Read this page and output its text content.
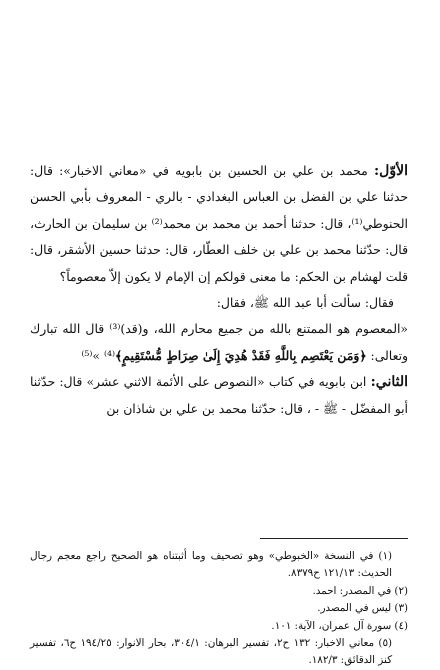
الأوّل: محمد بن علي بن الحسين بن بابويه في «معاني الاخبار»: قال: حدثنا علي بن الفضل بن العباس البغدادي - بالري - المعروف بأبي الحسن الحنوطي⁽¹⁾، قال: حدثنا أحمد بن محمد بن محمد⁽²⁾ بن سليمان بن الحارث، قال: حدّثنا محمد بن علي بن خلف العطّار، قال: حدثنا حسين الأشقر، قال: قلت لهشام بن الحكم: ما معنى قولكم إن الإمام لا يكون إلاّ معصوماً؟

فقال: سألت أبا عبد الله ﷺ، فقال:

«المعصوم هو الممتنع بالله من جميع محارم الله، و(قد)⁽³⁾ قال الله تبارك وتعالى: ﴿وَمَن يَعْتَصِم بِاللَّهِ فَقَدْ هُدِيَ إِلَىٰ صِرَاطٍ مُّسْتَقِيمٍ﴾⁽⁴⁾ »⁽⁵⁾

الثاني: ابن بابويه في كتاب «النصوص على الأئمة الاثني عشر» قال: حدّثنا أبو المفضّل - ﷺ - ، قال: حدّثنا محمد بن علي بن شاذان بن

(١) في النسخة «الخبوطي» وهو تصحيف وما أثبتناه هو الصحيح راجع معجم رجال الحديث: ١٢١/١٣ ح٨٣٧٩.

(٢) في المصدر: احمد.

(٣) ليس في المصدر.

(٤) سورة آل عمران، الآية: ١٠١.

(٥) معاني الاخبار: ١٣٢ ح٢، تفسير البرهان: ٣٠٤/١، بحار الانوار: ١٩٤/٢٥ ح٦، تفسير كنز الدقائق: ١٨٢/٣.
